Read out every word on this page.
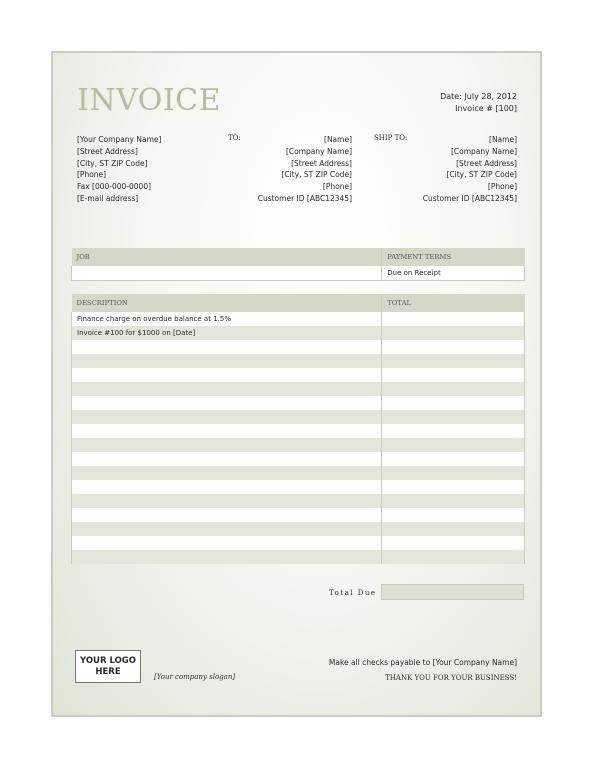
INVOICE	Date: July 28, 2012
Invoice # [100]
[Your Company Name]
[Street Address]
[City, ST ZIP Code]
[Phone]
Fax [000-000-0000]
[E-mail address]
TO:	[Name]
[Company Name]
[Street Address]
[City, ST ZIP Code]
[Phone]
Customer ID [ABC12345]
SHIP TO:	[Name]
[Company Name]
[Street Address]
[City, ST ZIP Code]
[Phone]
Customer ID [ABC12345]
JOB	PAYMENT TERMS
	Due on Receipt
DESCRIPTION	TOTAL
Finance charge on overdue balance at 1.5%	
Invoice #100 for $1000 on [Date]	

Total Due
YOUR LOGO
HERE	[Your company slogan]
Make all checks payable to [Your Company Name]
THANK YOU FOR YOUR BUSINESS!
